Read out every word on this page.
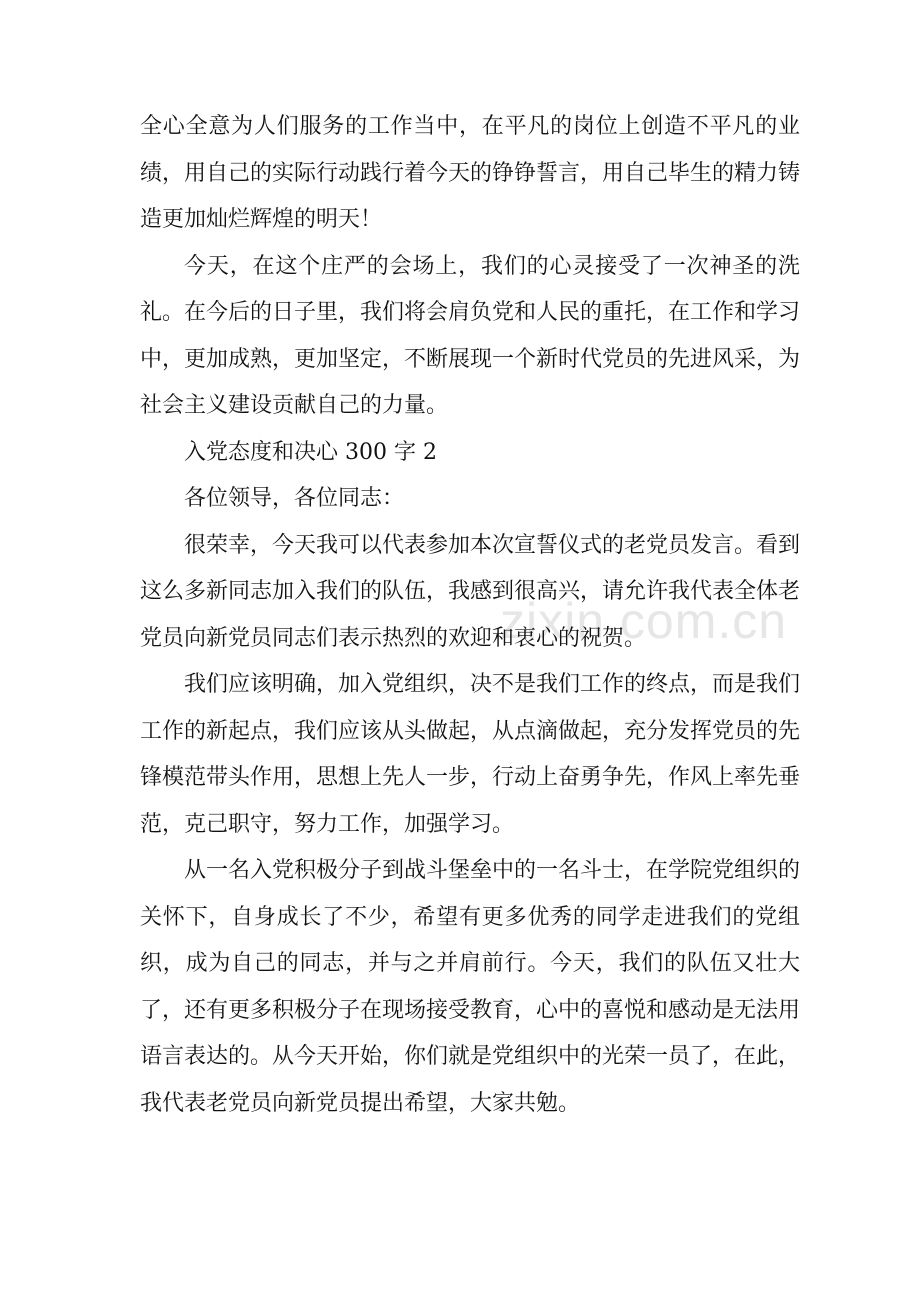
zixin.com.cn

全心全意为人们服务的工作当中，在平凡的岗位上创造不平凡的业绩，用自己的实际行动践行着今天的铮铮誓言，用自己毕生的精力铸造更加灿烂辉煌的明天！

今天，在这个庄严的会场上，我们的心灵接受了一次神圣的洗礼。在今后的日子里，我们将会肩负党和人民的重托，在工作和学习中，更加成熟，更加坚定，不断展现一个新时代党员的先进风采，为社会主义建设贡献自己的力量。

入党态度和决心 300 字 2

各位领导，各位同志：

很荣幸，今天我可以代表参加本次宣誓仪式的老党员发言。看到这么多新同志加入我们的队伍，我感到很高兴，请允许我代表全体老党员向新党员同志们表示热烈的欢迎和衷心的祝贺。

我们应该明确，加入党组织，决不是我们工作的终点，而是我们工作的新起点，我们应该从头做起，从点滴做起，充分发挥党员的先锋模范带头作用，思想上先人一步，行动上奋勇争先，作风上率先垂范，克己职守，努力工作，加强学习。

从一名入党积极分子到战斗堡垒中的一名斗士，在学院党组织的关怀下，自身成长了不少，希望有更多优秀的同学走进我们的党组织，成为自己的同志，并与之并肩前行。今天，我们的队伍又壮大了，还有更多积极分子在现场接受教育，心中的喜悦和感动是无法用语言表达的。从今天开始，你们就是党组织中的光荣一员了，在此，我代表老党员向新党员提出希望，大家共勉。
